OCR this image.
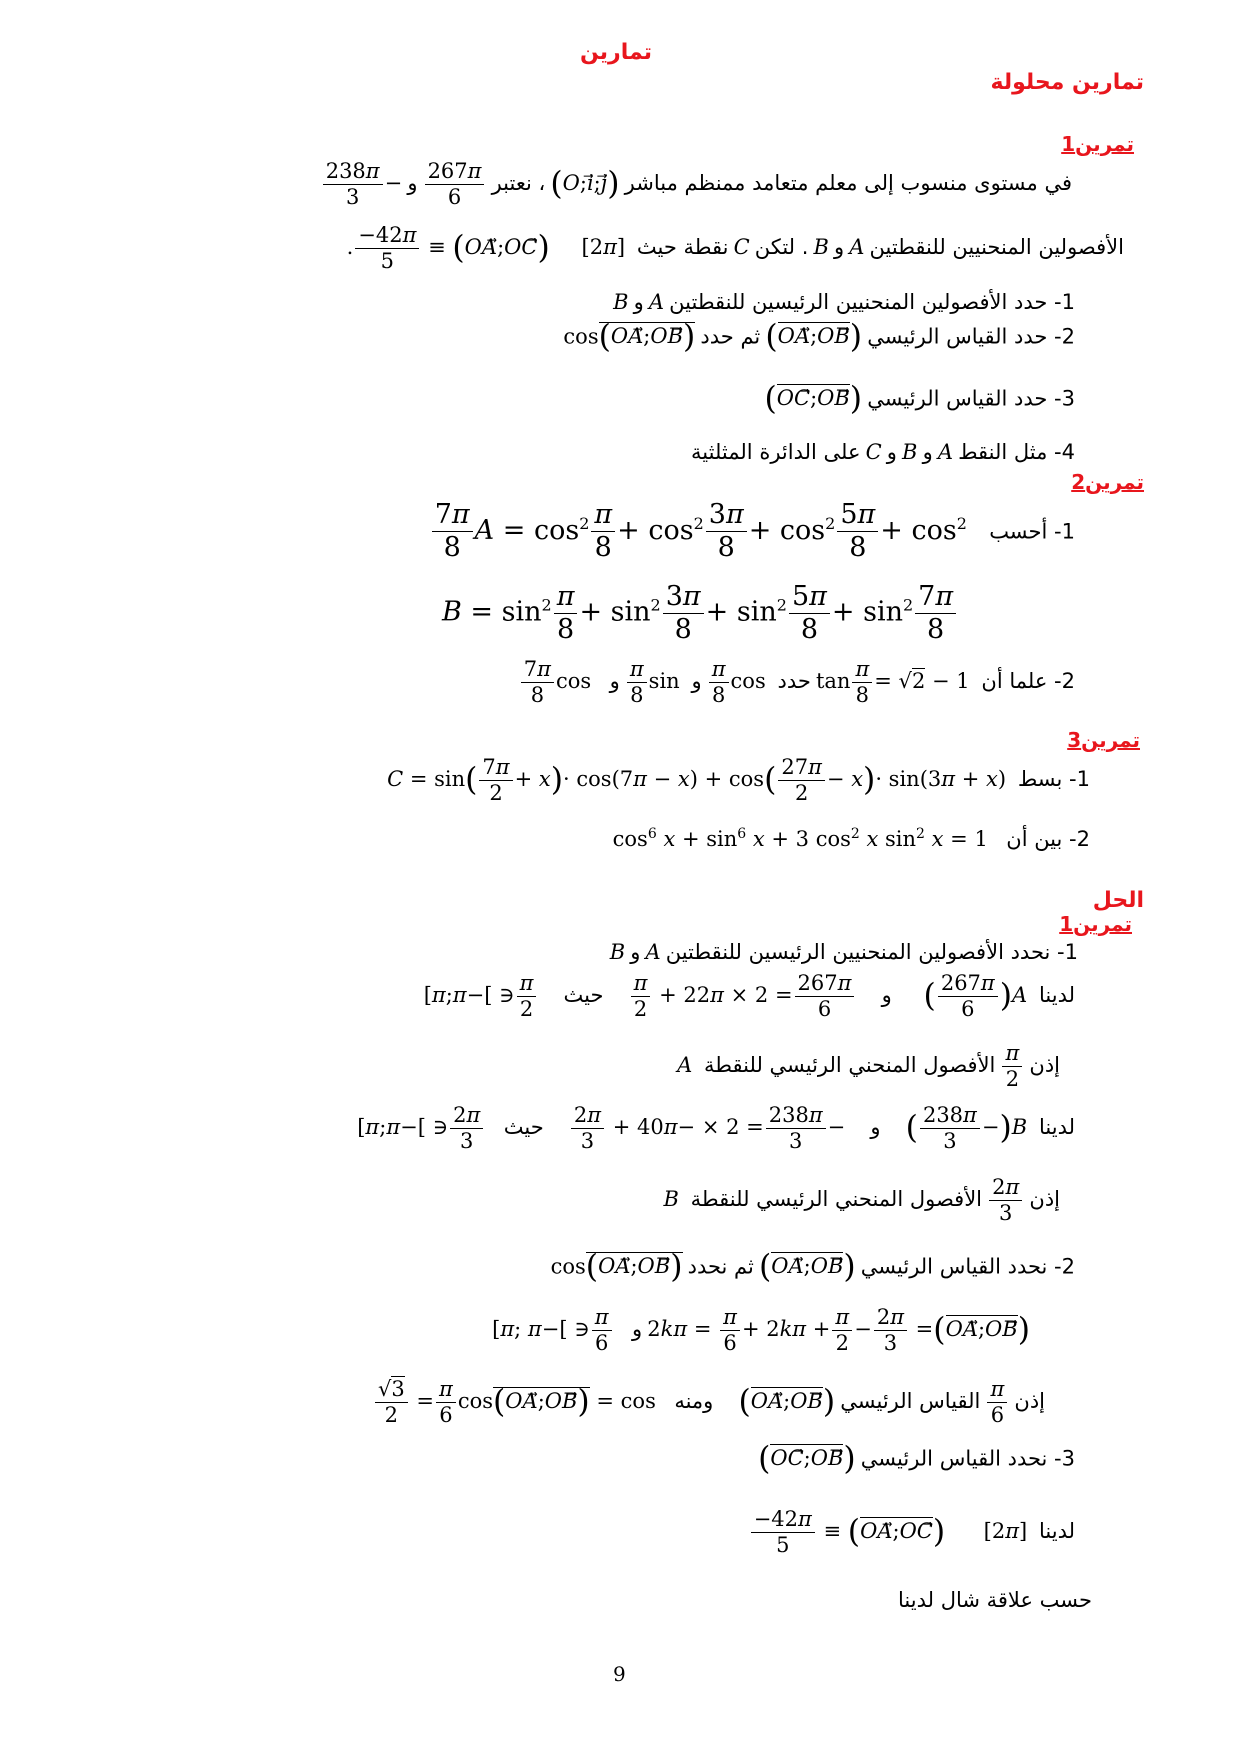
تمارين
تمارين محلولة
تمرين1
في مستوى منسوب إلى معلم متعامد ممنظم مباشر (O;i⃗;j) ، نعتبر
$\frac{267\pi}{6}$
و −
$\frac{238\pi}{3}$
الأفصولين المنحنيين للنقطتين A و B . لتكن C نقطة حيث  [2π]     (OA⃗;OC) ≡
$\frac{-42\pi}{5}$
.
1- حدد الأفصولين المنحنيين الرئيسين للنقطتين A و B
2- حدد القياس الرئيسي (OA⃗;OB) ثم حدد cos(OA⃗;OB)
3- حدد القياس الرئيسي (OC⃗;OB)
4- مثل النقط A و B و C على الدائرة المثلثية
تمرين2
1- أحسب   $A = \cos^2 \frac{\pi}{8} + \cos^2 \frac{3\pi}{8} + \cos^2 \frac{5\pi}{8} + \cos^2$
$\frac{7\pi}{8}$
$B = \sin^2 \frac{\pi}{8} + \sin^2 \frac{3\pi}{8} + \sin^2 \frac{5\pi}{8} + \sin^2 \frac{7\pi}{8}$
2- علما أن  tan
$\frac{\pi}{8} = √2 - 1$ حدد  cos
$\frac{\pi}{8}$
و  sin
$\frac{\pi}{8}$
و   cos
$\frac{7\pi}{8}$
تمرين3
1- بسط  $C = \sin( \frac{7\pi}{2} + x)\cdot \cos(7\pi - x) + \cos( \frac{27\pi}{2} - x)\cdot \sin(3\pi + x)$
2- بين أن   $\cos^6 x + \sin^6 x + 3$ $\cos^2 x$ $\sin^2 x = 1$
الحل
تمرين1
1- نحدد الأفصولين المنحنيين الرئيسين للنقطتين A و B
لدينا  A(
$\frac{267\pi}{6}$
)     و
$\frac{267\pi}{6}$
= 2 × 22π +
$\frac{\pi}{2}$
حيث
$\frac{\pi}{2}$
∈ ]−π;π]
إذن
$\frac{\pi}{2}$
الأفصول المنحني الرئيسي للنقطة  A
لدينا  B(−
$\frac{238\pi}{3}$
)    و    −
$\frac{238\pi}{3}$
= 2 × −40π +
$\frac{2\pi}{3}$
حيث
$\frac{2\pi}{3}$
∈ ]−π;π]
إذن
$\frac{2\pi}{3}$
الأفصول المنحني الرئيسي للنقطة  B
2- نحدد القياس الرئيسي (OA⃗;OB) ثم نحدد cos(OA⃗;OB)
(OA⃗;OB)=
$\frac{2\pi}{3}$
−
$\frac{\pi}{2}$
+ $2k\pi = \frac{\pi}{6} + 2k\pi$ و
$\frac{\pi}{6}$
∈ ]−π; π]
إذن
$\frac{\pi}{6}$
القياس الرئيسي (OA⃗;OB)    ومنه   cos(OA⃗;OB) = cos
$\frac{\pi}{6}$
=
$\frac{√3}{2}$
3- نحدد القياس الرئيسي (OC⃗;OB)
لدينا  [2π]      (OA⃗;OC) ≡
$\frac{-42\pi}{5}$
حسب علاقة شال لدينا
9
